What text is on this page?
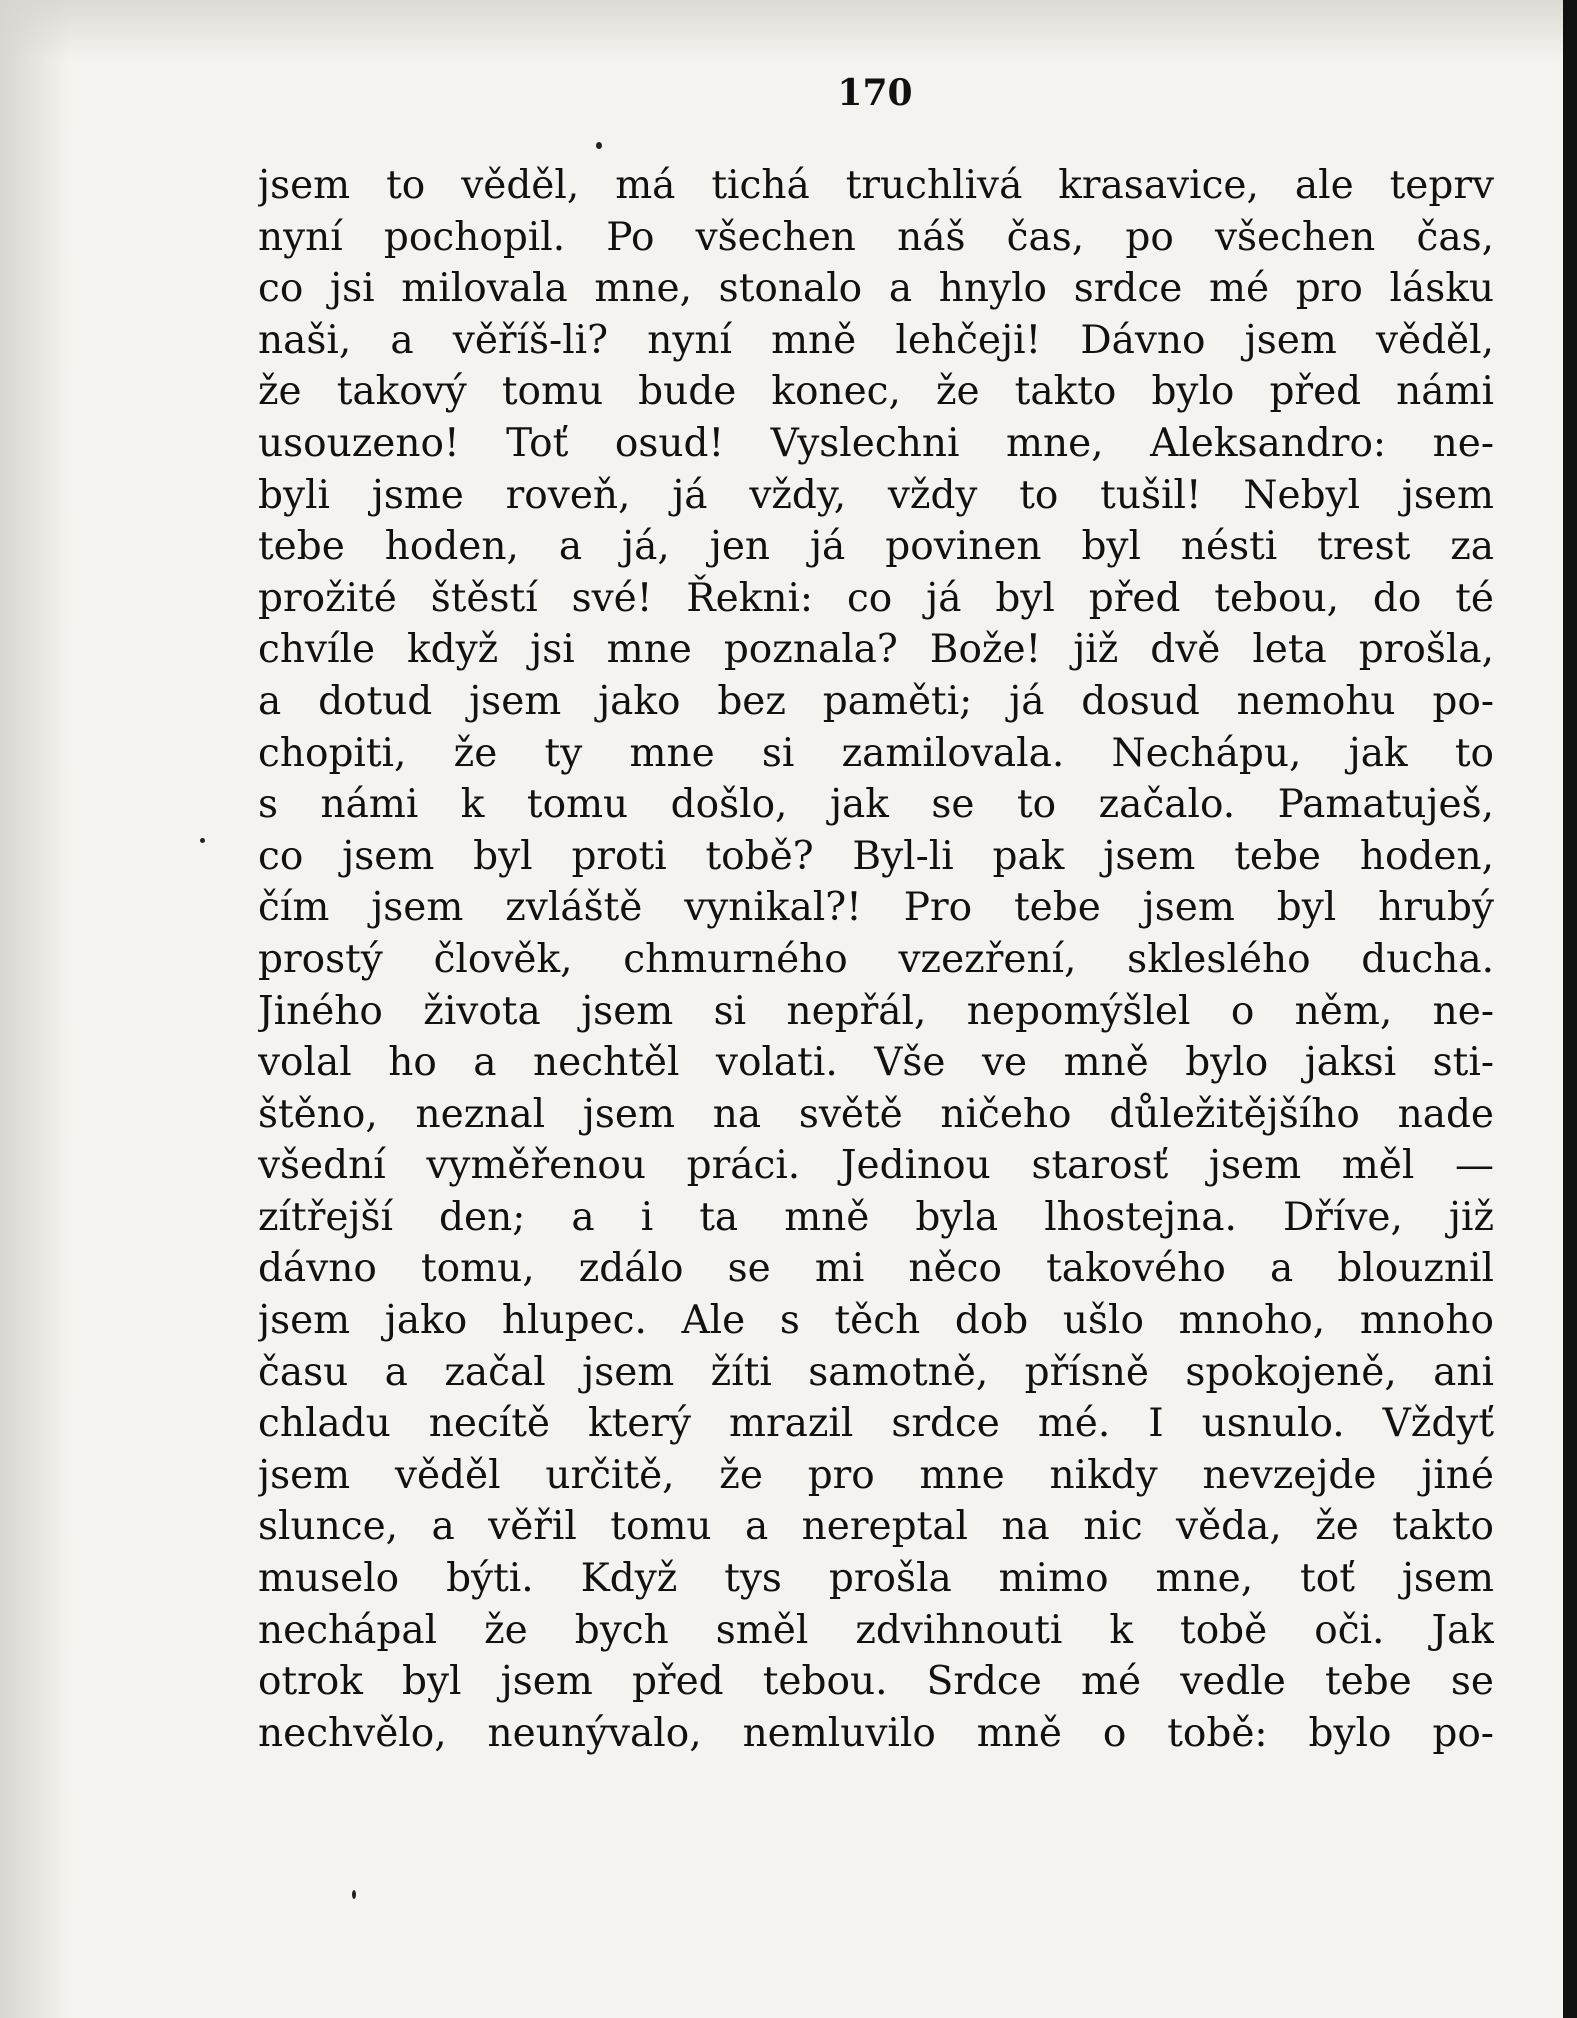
170
jsem to věděl, má tichá truchlivá krasavice, ale teprv
nyní pochopil. Po všechen náš čas, po všechen čas,
co jsi milovala mne, stonalo a hnylo srdce mé pro lásku
naši, a věříš-li? nyní mně lehčeji! Dávno jsem věděl,
že takový tomu bude konec, že takto bylo před námi
usouzeno! Toť osud! Vyslechni mne, Aleksandro: ne-
byli jsme roveň, já vždy, vždy to tušil! Nebyl jsem
tebe hoden, a já, jen já povinen byl nésti trest za
prožité štěstí své! Řekni: co já byl před tebou, do té
chvíle když jsi mne poznala? Bože! již dvě leta prošla,
a dotud jsem jako bez paměti; já dosud nemohu po-
chopiti, že ty mne si zamilovala. Nechápu, jak to
s námi k tomu došlo, jak se to začalo. Pamatuješ,
co jsem byl proti tobě? Byl-li pak jsem tebe hoden,
čím jsem zvláště vynikal?! Pro tebe jsem byl hrubý
prostý člověk, chmurného vzezření, skleslého ducha.
Jiného života jsem si nepřál, nepomýšlel o něm, ne-
volal ho a nechtěl volati. Vše ve mně bylo jaksi sti-
štěno, neznal jsem na světě ničeho důležitějšího nade
všední vyměřenou práci. Jedinou starosť jsem měl —
zítřejší den; a i ta mně byla lhostejna. Dříve, již
dávno tomu, zdálo se mi něco takového a blouznil
jsem jako hlupec. Ale s těch dob ušlo mnoho, mnoho
času a začal jsem žíti samotně, přísně spokojeně, ani
chladu necítě který mrazil srdce mé. I usnulo. Vždyť
jsem věděl určitě, že pro mne nikdy nevzejde jiné
slunce, a věřil tomu a nereptal na nic věda, že takto
muselo býti. Když tys prošla mimo mne, toť jsem
nechápal že bych směl zdvihnouti k tobě oči. Jak
otrok byl jsem před tebou. Srdce mé vedle tebe se
nechvělo, neunývalo, nemluvilo mně o tobě: bylo po-
